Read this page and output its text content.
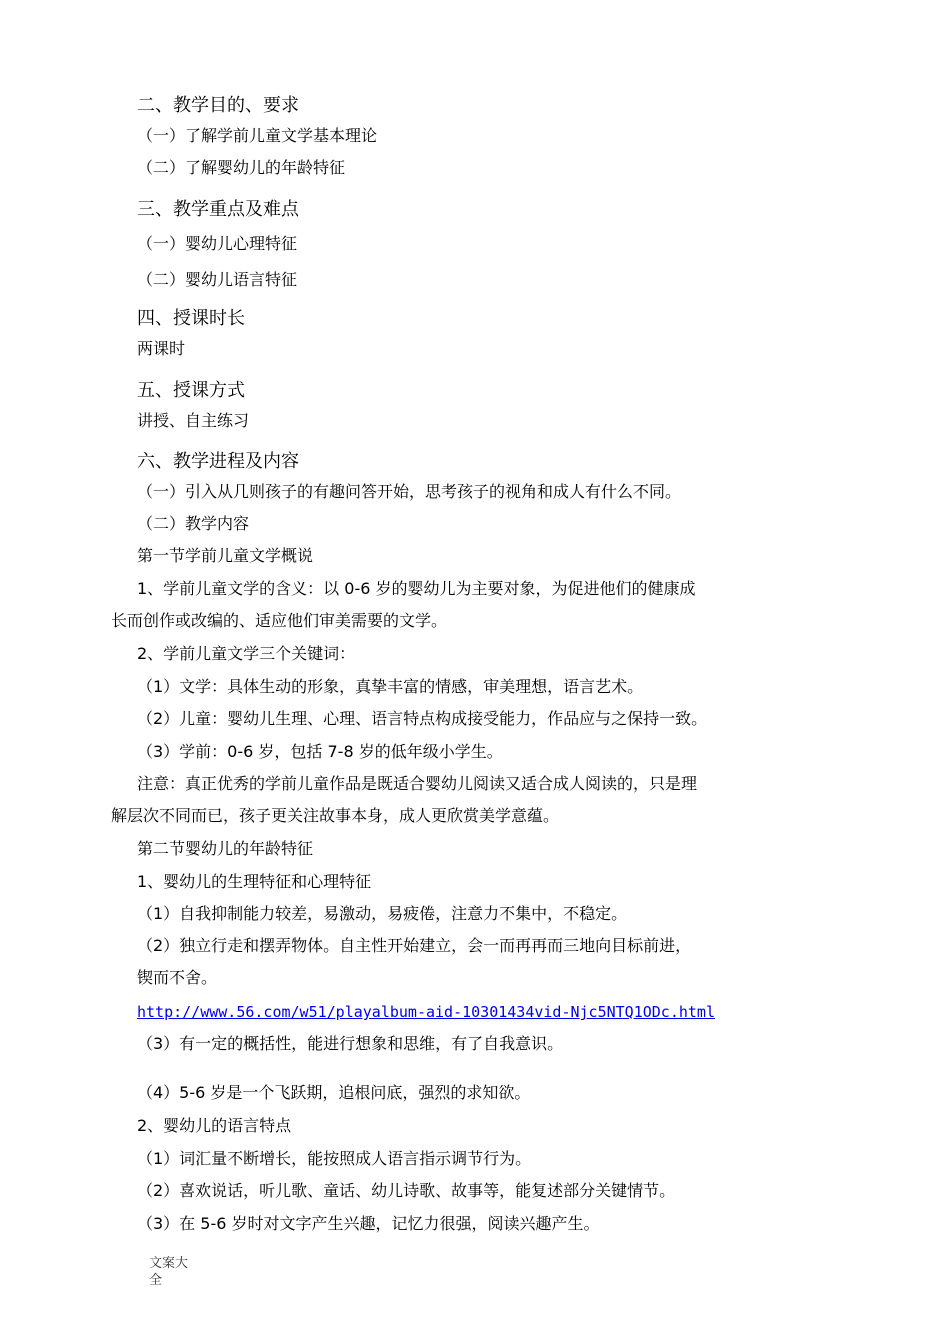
二、教学目的、要求
（一）了解学前儿童文学基本理论
（二）了解婴幼儿的年龄特征
三、教学重点及难点
（一）婴幼儿心理特征
（二）婴幼儿语言特征
四、授课时长
两课时
五、授课方式
讲授、自主练习
六、教学进程及内容
（一）引入从几则孩子的有趣问答开始，思考孩子的视角和成人有什么不同。
（二）教学内容
第一节学前儿童文学概说
1、学前儿童文学的含义：以 0-6 岁的婴幼儿为主要对象，为促进他们的健康成
长而创作或改编的、适应他们审美需要的文学。
2、学前儿童文学三个关键词：
（1）文学：具体生动的形象，真挚丰富的情感，审美理想，语言艺术。
（2）儿童：婴幼儿生理、心理、语言特点构成接受能力，作品应与之保持一致。
（3）学前：0-6 岁，包括 7-8 岁的低年级小学生。
注意：真正优秀的学前儿童作品是既适合婴幼儿阅读又适合成人阅读的，只是理
解层次不同而已，孩子更关注故事本身，成人更欣赏美学意蕴。
第二节婴幼儿的年龄特征
1、婴幼儿的生理特征和心理特征
（1）自我抑制能力较差，易激动，易疲倦，注意力不集中，不稳定。
（2）独立行走和摆弄物体。自主性开始建立，会一而再再而三地向目标前进，
锲而不舍。
http://www.56.com/w51/playalbum-aid-10301434vid-Njc5NTQ1ODc.html
（3）有一定的概括性，能进行想象和思维，有了自我意识。
（4）5-6 岁是一个飞跃期，追根问底，强烈的求知欲。
2、婴幼儿的语言特点
（1）词汇量不断增长，能按照成人语言指示调节行为。
（2）喜欢说话，听儿歌、童话、幼儿诗歌、故事等，能复述部分关键情节。
（3）在 5-6 岁时对文字产生兴趣，记忆力很强，阅读兴趣产生。
文案大全
